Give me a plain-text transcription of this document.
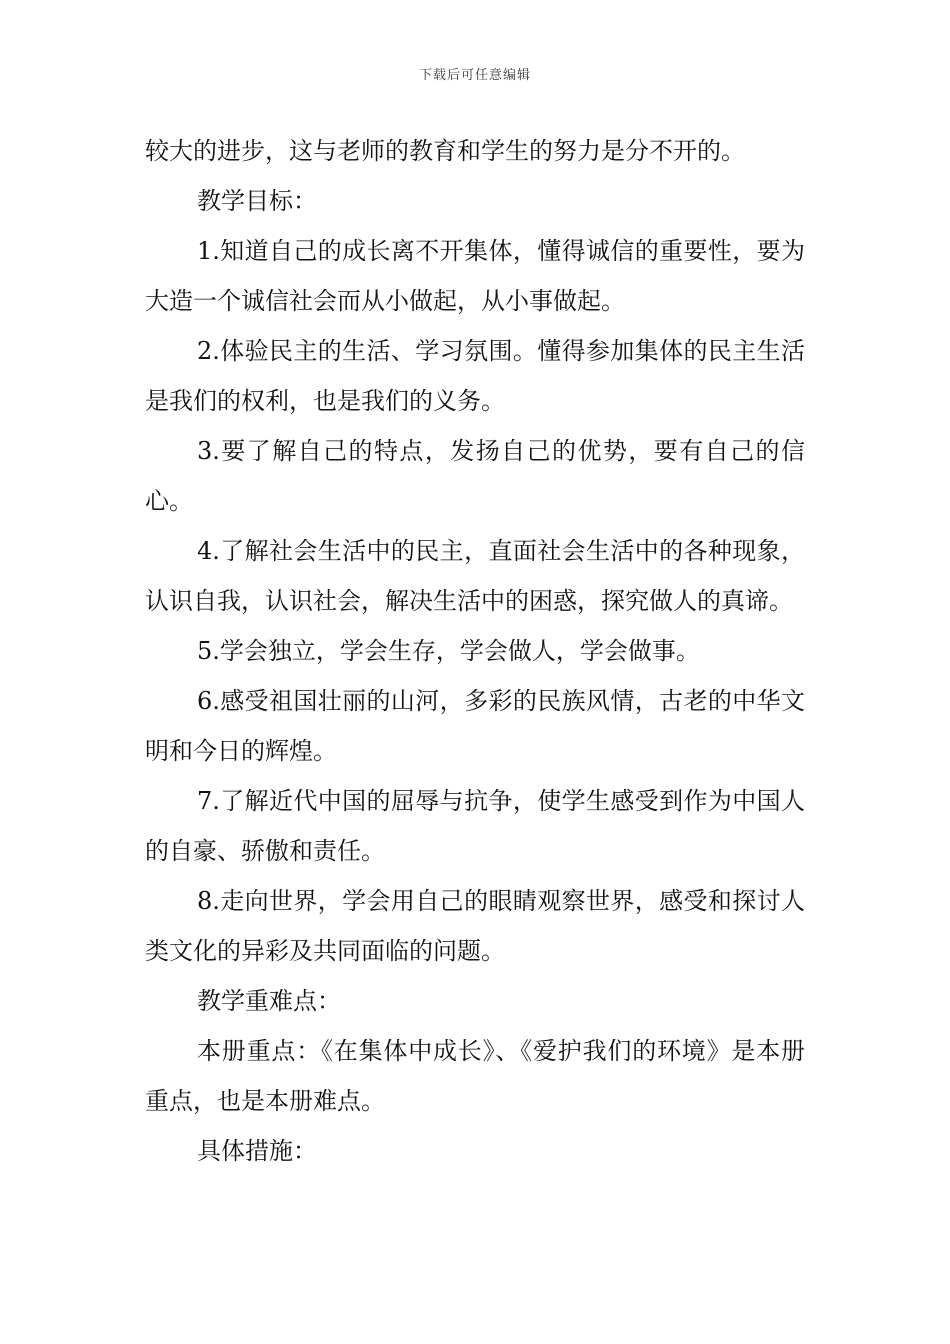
下载后可任意编辑

较大的进步，这与老师的教育和学生的努力是分不开的。

教学目标：

1.知道自己的成长离不开集体，懂得诚信的重要性，要为大造一个诚信社会而从小做起，从小事做起。

2.体验民主的生活、学习氛围。懂得参加集体的民主生活是我们的权利，也是我们的义务。

3.要了解自己的特点，发扬自己的优势，要有自己的信心。

4.了解社会生活中的民主，直面社会生活中的各种现象，认识自我，认识社会，解决生活中的困惑，探究做人的真谛。

5.学会独立，学会生存，学会做人，学会做事。

6.感受祖国壮丽的山河，多彩的民族风情，古老的中华文明和今日的辉煌。

7.了解近代中国的屈辱与抗争，使学生感受到作为中国人的自豪、骄傲和责任。

8.走向世界，学会用自己的眼睛观察世界，感受和探讨人类文化的异彩及共同面临的问题。

教学重难点：

本册重点：《在集体中成长》、《爱护我们的环境》是本册重点，也是本册难点。

具体措施：
